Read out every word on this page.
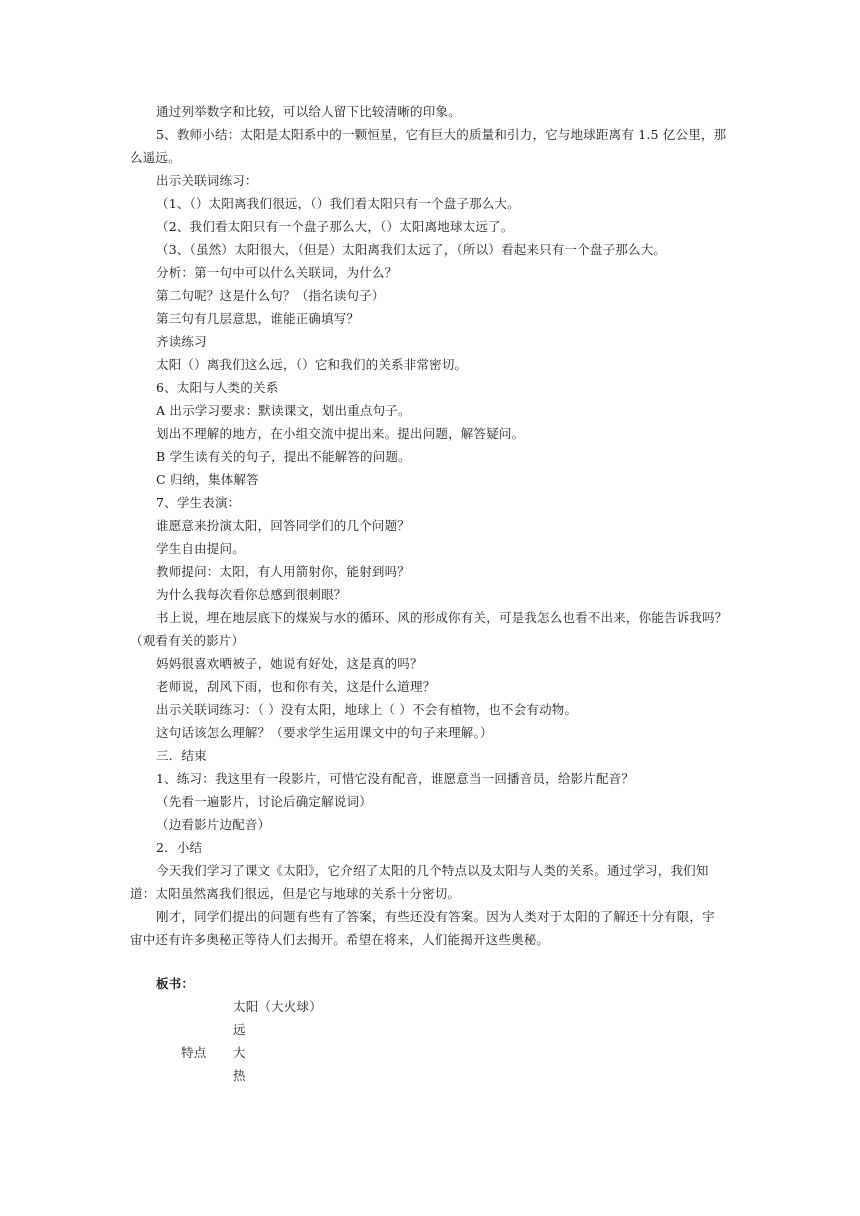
通过列举数字和比较，可以给人留下比较清晰的印象。
5、教师小结：太阳是太阳系中的一颗恒星，它有巨大的质量和引力，它与地球距离有 1.5 亿公里，那
么遥远。
出示关联词练习：
（1、（）太阳离我们很远，（）我们看太阳只有一个盘子那么大。
（2、我们看太阳只有一个盘子那么大，（）太阳离地球太远了。
（3、（虽然）太阳很大，（但是）太阳离我们太远了，（所以）看起来只有一个盘子那么大。
分析：第一句中可以什么关联词，为什么？
第二句呢？这是什么句？（指名读句子）
第三句有几层意思，谁能正确填写？
齐读练习
太阳（）离我们这么远，（）它和我们的关系非常密切。
6、太阳与人类的关系
A 出示学习要求：默读课文，划出重点句子。
划出不理解的地方，在小组交流中提出来。提出问题，解答疑问。
B 学生读有关的句子，提出不能解答的问题。
C 归纳，集体解答
7、学生表演：
谁愿意来扮演太阳，回答同学们的几个问题？
学生自由提问。
教师提问：太阳，有人用箭射你，能射到吗？
为什么我每次看你总感到很刺眼？
书上说，埋在地层底下的煤炭与水的循环、风的形成你有关，可是我怎么也看不出来，你能告诉我吗？
（观看有关的影片）
妈妈很喜欢晒被子，她说有好处，这是真的吗？
老师说，刮风下雨，也和你有关，这是什么道理？
出示关联词练习：（ ）没有太阳，地球上（ ）不会有植物，也不会有动物。
这句话该怎么理解？（要求学生运用课文中的句子来理解。）
三．结束
1、练习：我这里有一段影片，可惜它没有配音，谁愿意当一回播音员，给影片配音？
（先看一遍影片，讨论后确定解说词）
（边看影片边配音）
2．小结
今天我们学习了课文《太阳》，它介绍了太阳的几个特点以及太阳与人类的关系。通过学习，我们知
道：太阳虽然离我们很远，但是它与地球的关系十分密切。
刚才，同学们提出的问题有些有了答案，有些还没有答案。因为人类对于太阳的了解还十分有限，宇
宙中还有许多奥秘正等待人们去揭开。希望在将来，人们能揭开这些奥秘。
板书：
太阳（大火球）
远
特点 大
热
